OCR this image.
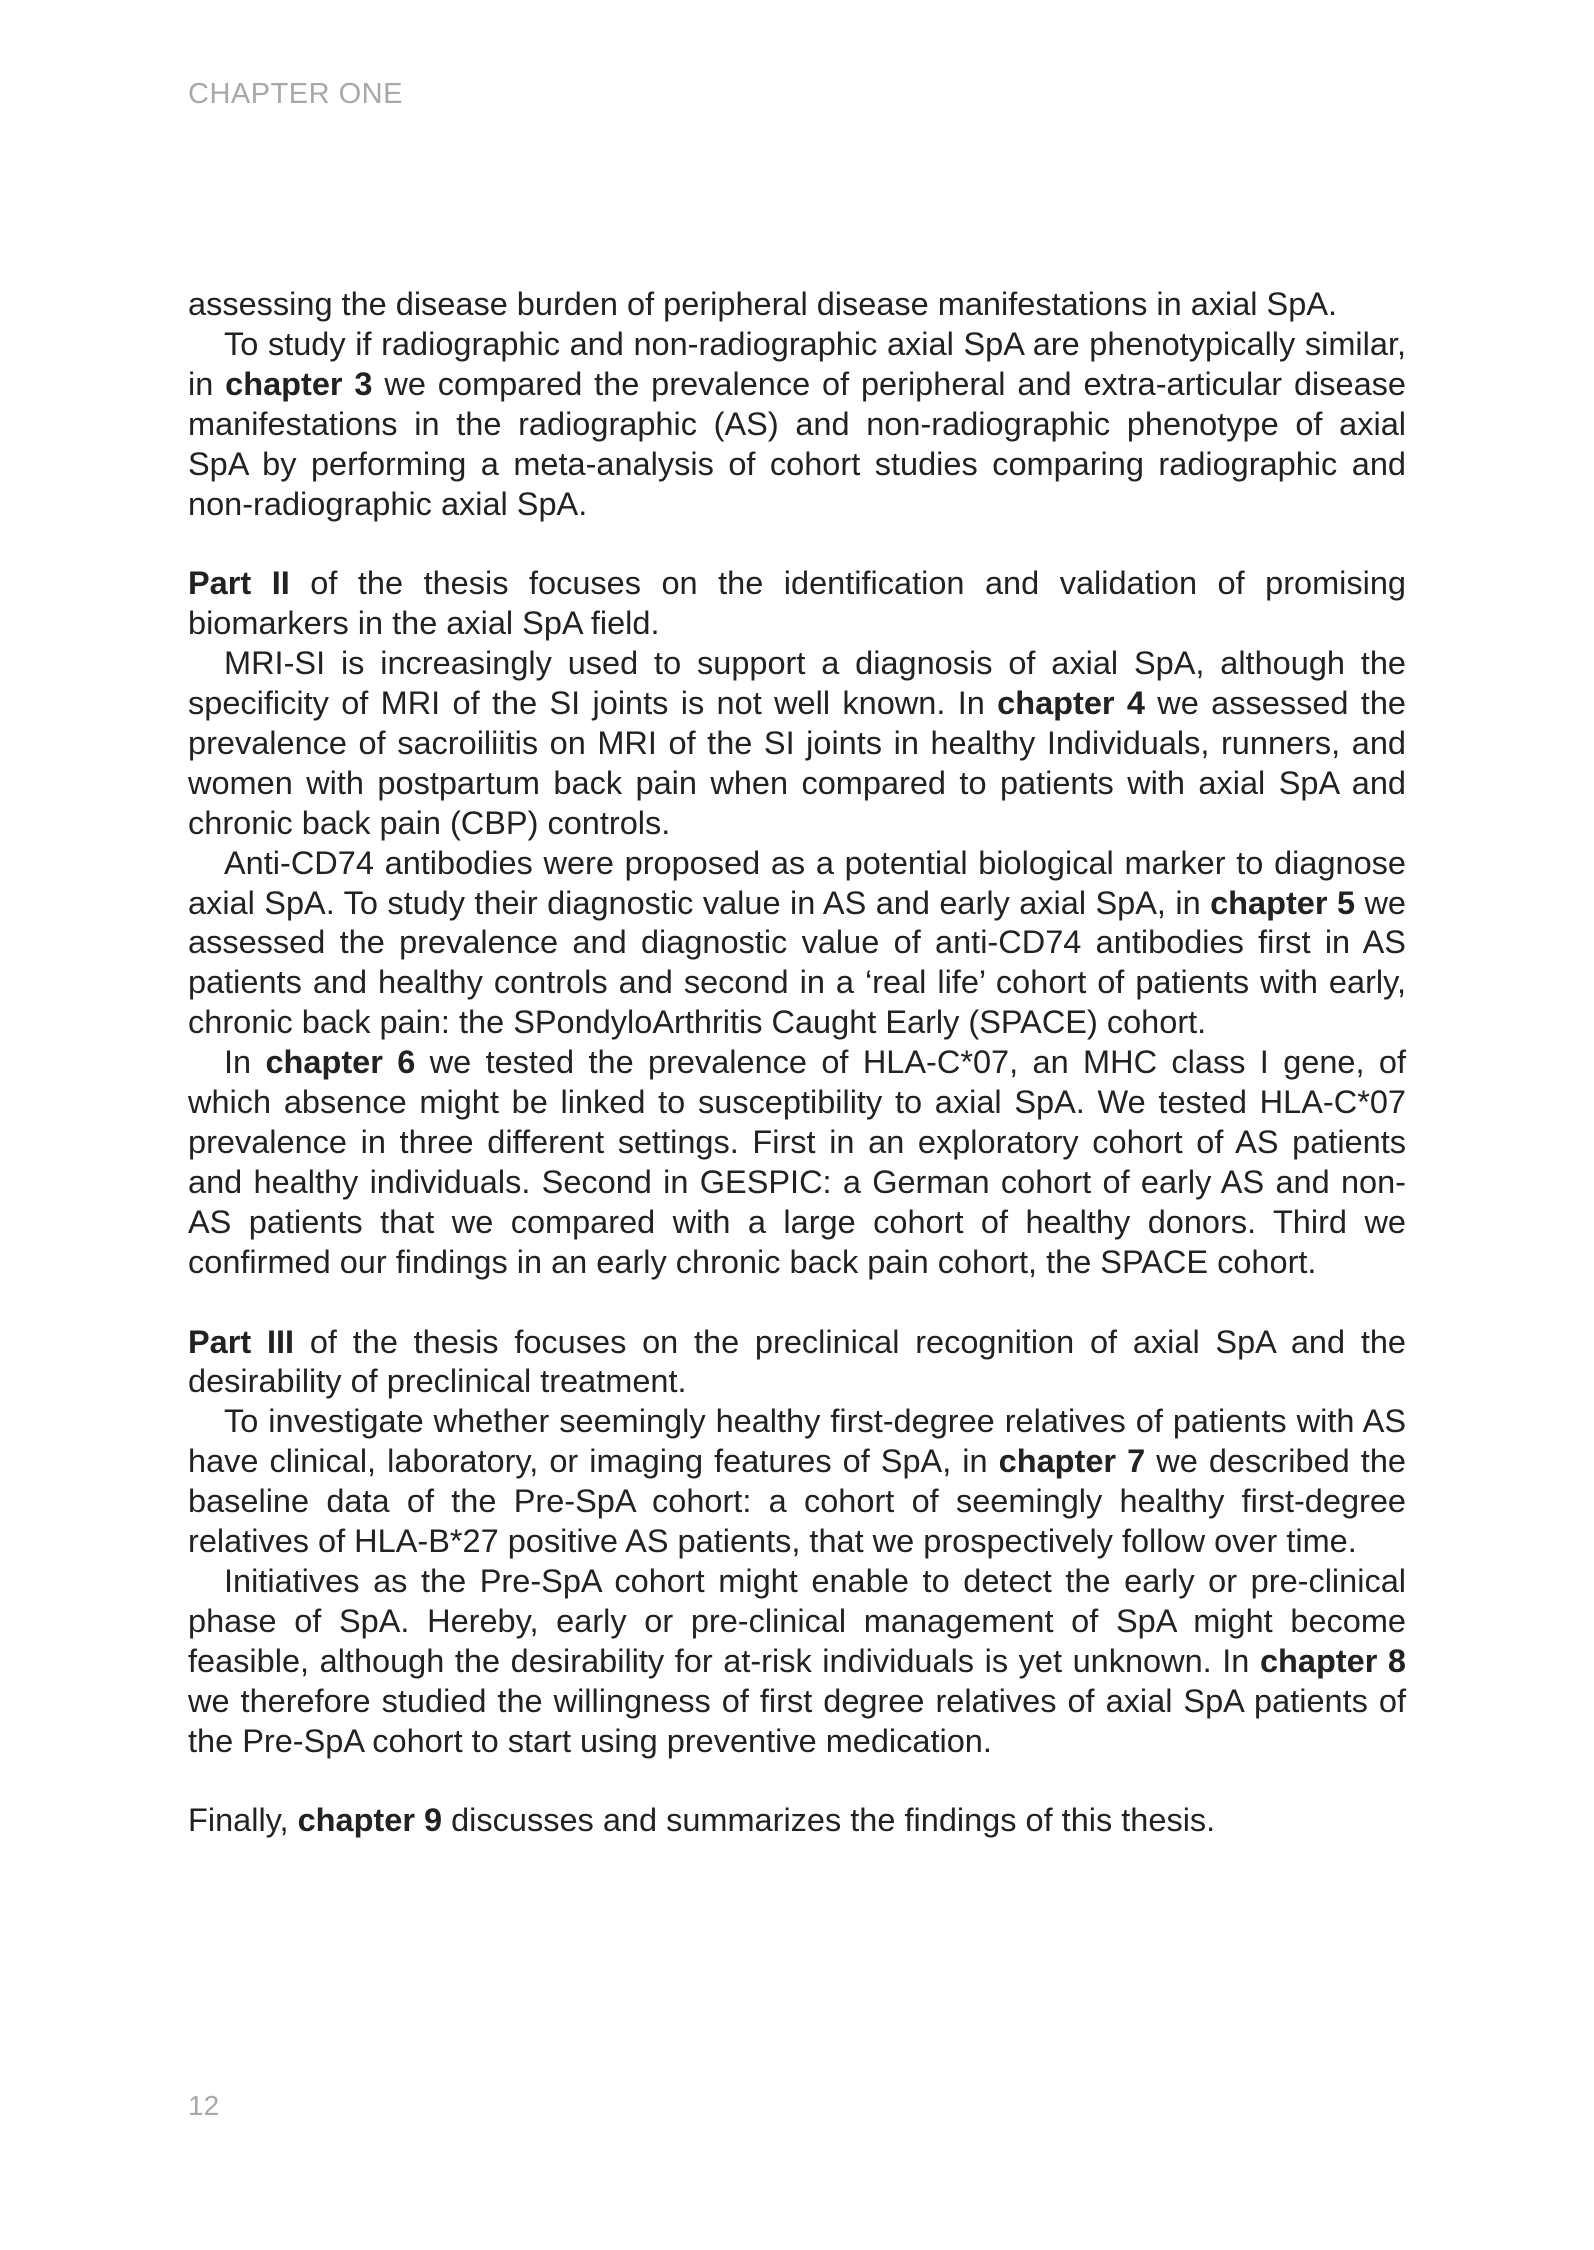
CHAPTER ONE

assessing the disease burden of peripheral disease manifestations in axial SpA.

To study if radiographic and non-radiographic axial SpA are phenotypically similar, in chapter 3 we compared the prevalence of peripheral and extra-articular disease manifestations in the radiographic (AS) and non-radiographic phenotype of axial SpA by performing a meta-analysis of cohort studies comparing radiographic and non-radiographic axial SpA.

Part II of the thesis focuses on the identification and validation of promising biomarkers in the axial SpA field.

MRI-SI is increasingly used to support a diagnosis of axial SpA, although the specificity of MRI of the SI joints is not well known. In chapter 4 we assessed the prevalence of sacroiliitis on MRI of the SI joints in healthy Individuals, runners, and women with postpartum back pain when compared to patients with axial SpA and chronic back pain (CBP) controls.

Anti-CD74 antibodies were proposed as a potential biological marker to diagnose axial SpA. To study their diagnostic value in AS and early axial SpA, in chapter 5 we assessed the prevalence and diagnostic value of anti-CD74 antibodies first in AS patients and healthy controls and second in a ‘real life’ cohort of patients with early, chronic back pain: the SPondyloArthritis Caught Early (SPACE) cohort.

In chapter 6 we tested the prevalence of HLA-C*07, an MHC class I gene, of which absence might be linked to susceptibility to axial SpA. We tested HLA-C*07 prevalence in three different settings. First in an exploratory cohort of AS patients and healthy individuals. Second in GESPIC: a German cohort of early AS and non-AS patients that we compared with a large cohort of healthy donors. Third we confirmed our findings in an early chronic back pain cohort, the SPACE cohort.

Part III of the thesis focuses on the preclinical recognition of axial SpA and the desirability of preclinical treatment.

To investigate whether seemingly healthy first-degree relatives of patients with AS have clinical, laboratory, or imaging features of SpA, in chapter 7 we described the baseline data of the Pre-SpA cohort: a cohort of seemingly healthy first-degree relatives of HLA-B*27 positive AS patients, that we prospectively follow over time.

Initiatives as the Pre-SpA cohort might enable to detect the early or pre-clinical phase of SpA. Hereby, early or pre-clinical management of SpA might become feasible, although the desirability for at-risk individuals is yet unknown. In chapter 8 we therefore studied the willingness of first degree relatives of axial SpA patients of the Pre-SpA cohort to start using preventive medication.

Finally, chapter 9 discusses and summarizes the findings of this thesis.

12
